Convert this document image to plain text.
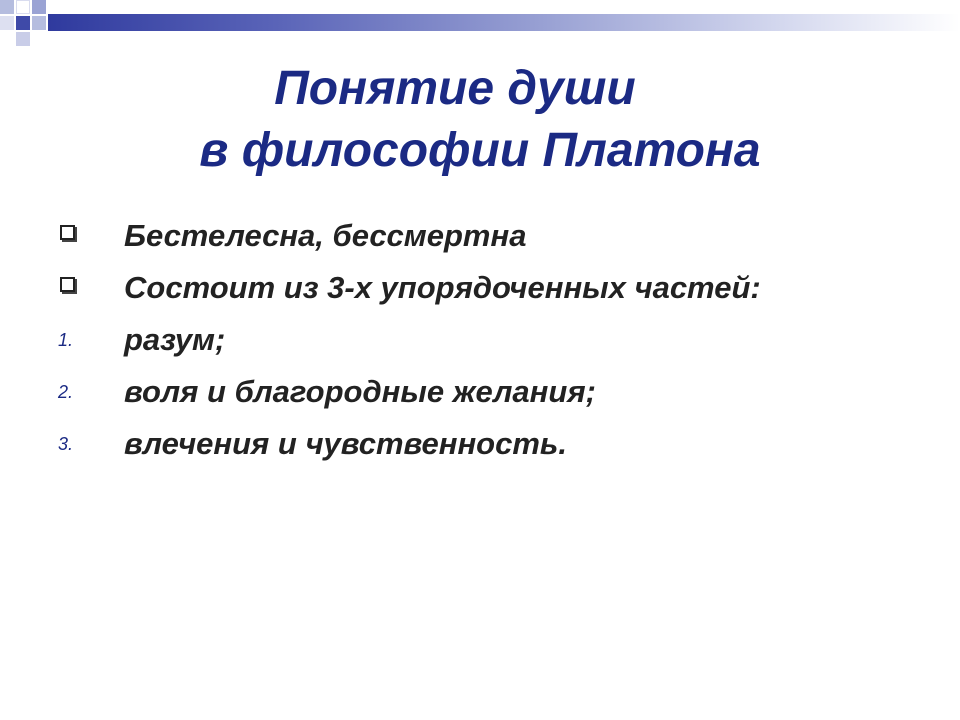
Понятие души
в философии Платона
Бестелесна, бессмертна
Состоит из 3-х упорядоченных частей:
1. разум;
2. воля и благородные желания;
3. влечения и чувственность.
